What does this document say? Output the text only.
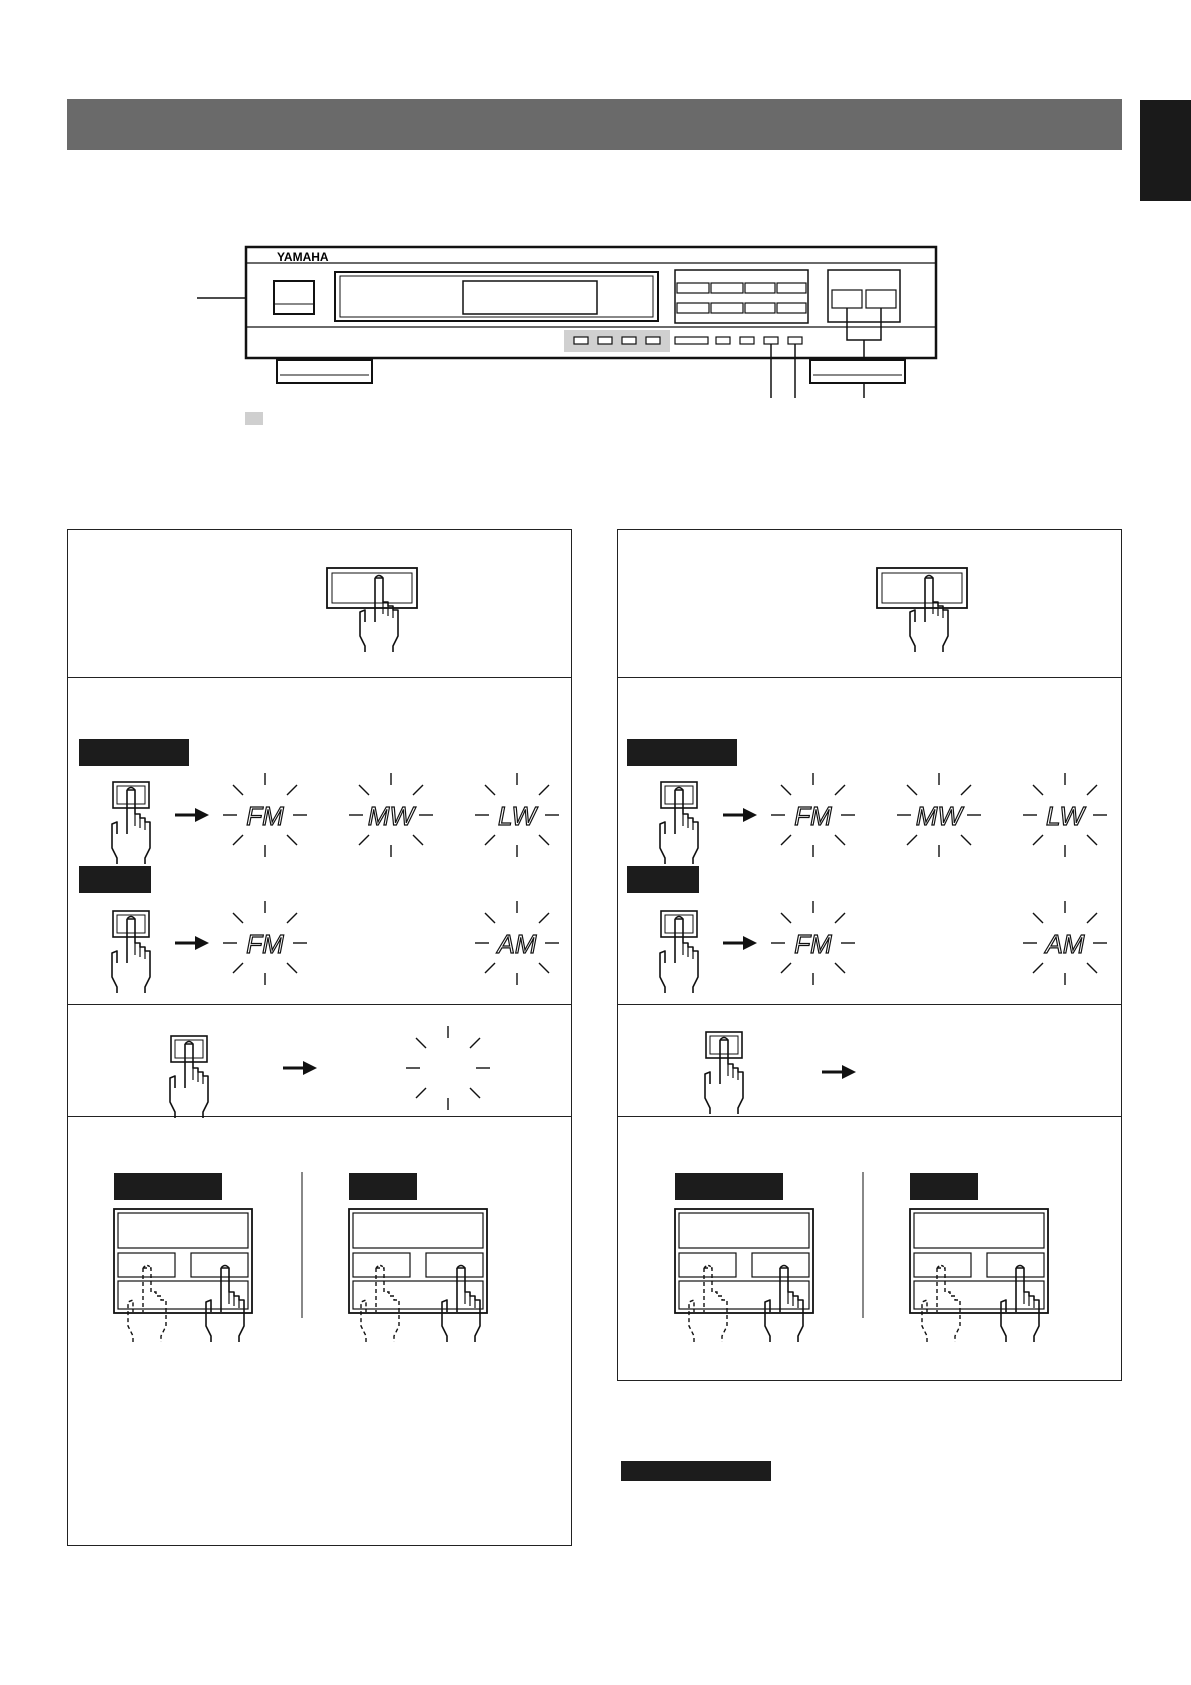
YAMAHA
FM	MW	LW
FM	AM
FM	MW	LW
FM	AM
